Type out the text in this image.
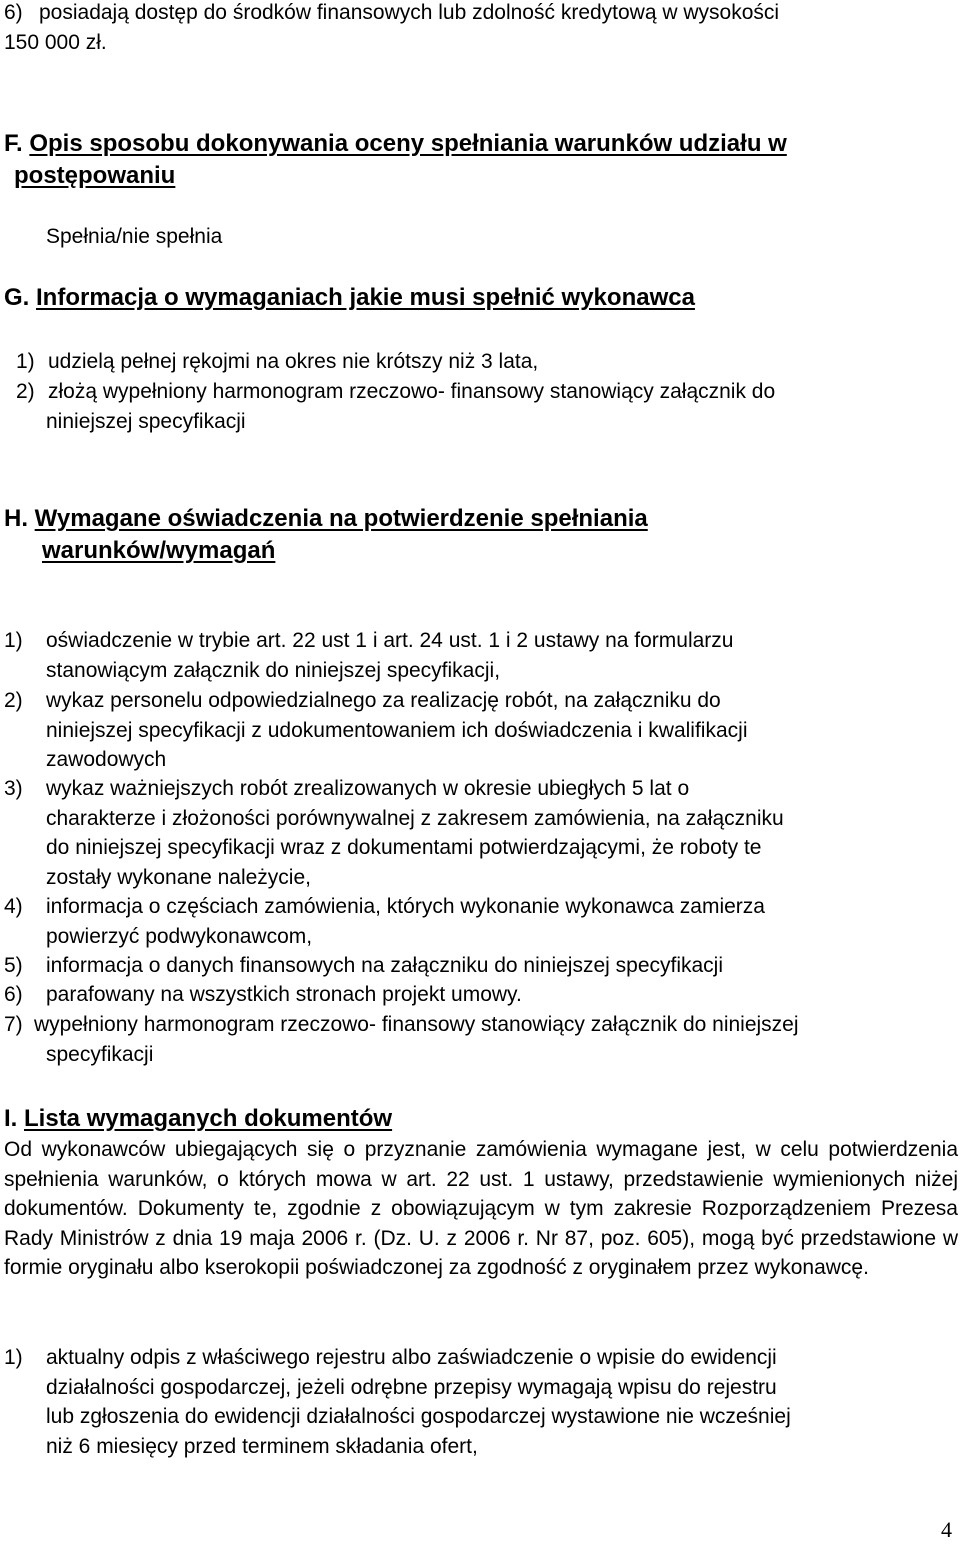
6) posiadają dostęp do środków finansowych lub zdolność kredytową w wysokości
150 000 zł.
F. Opis sposobu dokonywania oceny spełniania warunków udziału w
postępowaniu
Spełnia/nie spełnia
G. Informacja o wymaganiach jakie musi spełnić wykonawca
1) udzielą pełnej rękojmi na okres nie krótszy niż 3 lata,
2) złożą wypełniony harmonogram rzeczowo- finansowy stanowiący załącznik do
niniejszej specyfikacji
H. Wymagane oświadczenia na potwierdzenie spełniania
warunków/wymagań
1)	oświadczenie w trybie art. 22 ust 1 i art. 24 ust. 1 i 2 ustawy na formularzu
stanowiącym załącznik do niniejszej specyfikacji,
2)	wykaz personelu odpowiedzialnego za realizację robót, na załączniku do
niniejszej specyfikacji z udokumentowaniem ich doświadczenia i kwalifikacji
zawodowych
3)	wykaz ważniejszych robót zrealizowanych w okresie ubiegłych 5 lat o
charakterze i złożoności porównywalnej z zakresem zamówienia, na załączniku
do niniejszej specyfikacji wraz z dokumentami potwierdzającymi, że roboty te
zostały wykonane należycie,
4)	informacja o częściach zamówienia, których wykonanie wykonawca zamierza
powierzyć podwykonawcom,
5)	informacja o danych finansowych na załączniku do niniejszej specyfikacji
6)	parafowany na wszystkich stronach projekt umowy.
7) wypełniony harmonogram rzeczowo- finansowy stanowiący załącznik do niniejszej
specyfikacji
I. Lista wymaganych dokumentów

Od wykonawców ubiegających się o przyznanie zamówienia wymagane jest, w celu potwierdzenia spełnienia warunków, o których mowa w art. 22 ust. 1 ustawy, przedstawienie wymienionych niżej dokumentów. Dokumenty te, zgodnie z obowiązującym w tym zakresie Rozporządzeniem Prezesa Rady Ministrów z dnia 19 maja 2006 r. (Dz. U. z 2006 r. Nr 87, poz. 605), mogą być przedstawione w formie oryginału albo kserokopii poświadczonej za zgodność z oryginałem przez wykonawcę.

1)	aktualny odpis z właściwego rejestru albo zaświadczenie o wpisie do ewidencji
działalności gospodarczej, jeżeli odrębne przepisy wymagają wpisu do rejestru
lub zgłoszenia do ewidencji działalności gospodarczej wystawione nie wcześniej
niż 6 miesięcy przed terminem składania ofert,
4
